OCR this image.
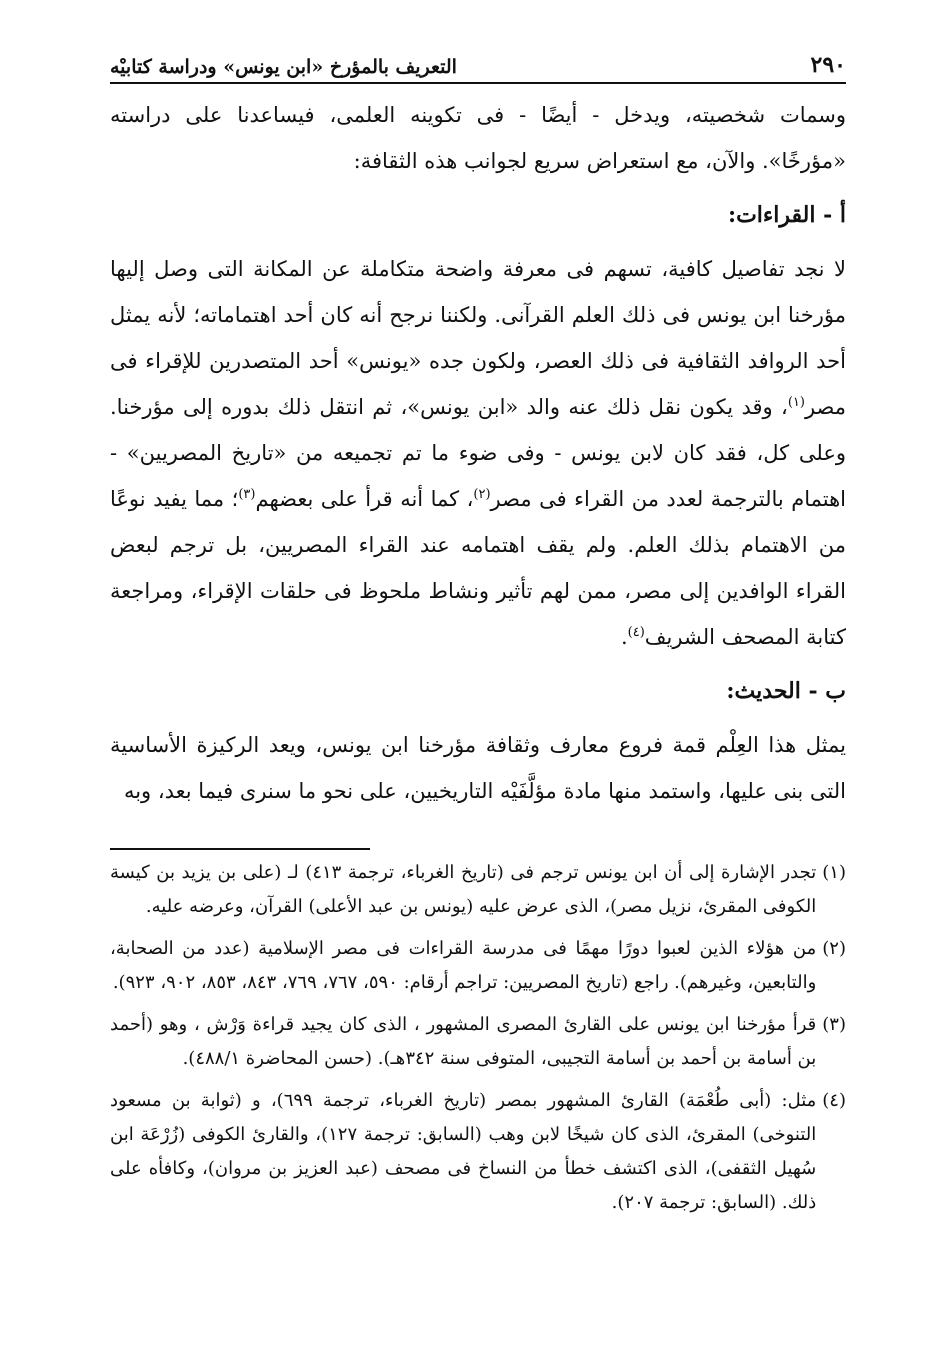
٢٩٠
التعريف بالمؤرخ «ابن يونس» ودراسة كتابيْه

وسمات شخصيته، ويدخل - أيضًا - فى تكوينه العلمى، فيساعدنا على دراسته «مؤرخًا». والآن، مع استعراض سريع لجوانب هذه الثقافة:

أ - القراءات:

لا نجد تفاصيل كافية، تسهم فى معرفة واضحة متكاملة عن المكانة التى وصل إليها مؤرخنا ابن يونس فى ذلك العلم القرآنى. ولكننا نرجح أنه كان أحد اهتماماته؛ لأنه يمثل أحد الروافد الثقافية فى ذلك العصر، ولكون جده «يونس» أحد المتصدرين للإقراء فى مصر$^{(١)}$، وقد يكون نقل ذلك عنه والد «ابن يونس»، ثم انتقل ذلك بدوره إلى مؤرخنا. وعلى كل، فقد كان لابن يونس - وفى ضوء ما تم تجميعه من «تاريخ المصريين» - اهتمام بالترجمة لعدد من القراء فى مصر$^{(٢)}$، كما أنه قرأ على بعضهم$^{(٣)}$؛ مما يفيد نوعًا من الاهتمام بذلك العلم. ولم يقف اهتمامه عند القراء المصريين، بل ترجم لبعض القراء الوافدين إلى مصر، ممن لهم تأثير ونشاط ملحوظ فى حلقات الإقراء، ومراجعة كتابة المصحف الشريف$^{(٤)}$.

ب - الحديث:

يمثل هذا العِلْم قمة فروع معارف وثقافة مؤرخنا ابن يونس، ويعد الركيزة الأساسية التى بنى عليها، واستمد منها مادة مؤلَّفَيْه التاريخيين، على نحو ما سنرى فيما بعد، وبه

(١)
تجدر الإشارة إلى أن ابن يونس ترجم فى (تاريخ الغرباء، ترجمة ٤١٣) لـ (على بن يزيد بن كيسة الكوفى المقرئ، نزيل مصر)، الذى عرض عليه (يونس بن عبد الأعلى) القرآن، وعرضه عليه.
(٢)
من هؤلاء الذين لعبوا دورًا مهمًا فى مدرسة القراءات فى مصر الإسلامية (عدد من الصحابة، والتابعين، وغيرهم). راجع (تاريخ المصريين: تراجم أرقام: ٥٩٠، ٧٦٧، ٧٦٩، ٨٤٣، ٨٥٣، ٩٠٢، ٩٢٣).
(٣)
قرأ مؤرخنا ابن يونس على القارئ المصرى المشهور ، الذى كان يجيد قراءة وَرْش ، وهو (أحمد بن أسامة بن أحمد بن أسامة التجيبى، المتوفى سنة ٣٤٢هـ). (حسن المحاضرة ٤٨٨/١).
(٤)
مثل: (أبى طُعْمَة) القارئ المشهور بمصر (تاريخ الغرباء، ترجمة ٦٩٩)، و (ثوابة بن مسعود التنوخى) المقرئ، الذى كان شيخًا لابن وهب (السابق: ترجمة ١٢٧)، والقارئ الكوفى (زُرْعَة ابن سُهيل الثقفى)، الذى اكتشف خطأ من النساخ فى مصحف (عبد العزيز بن مروان)، وكافأه على ذلك. (السابق: ترجمة ٢٠٧).
